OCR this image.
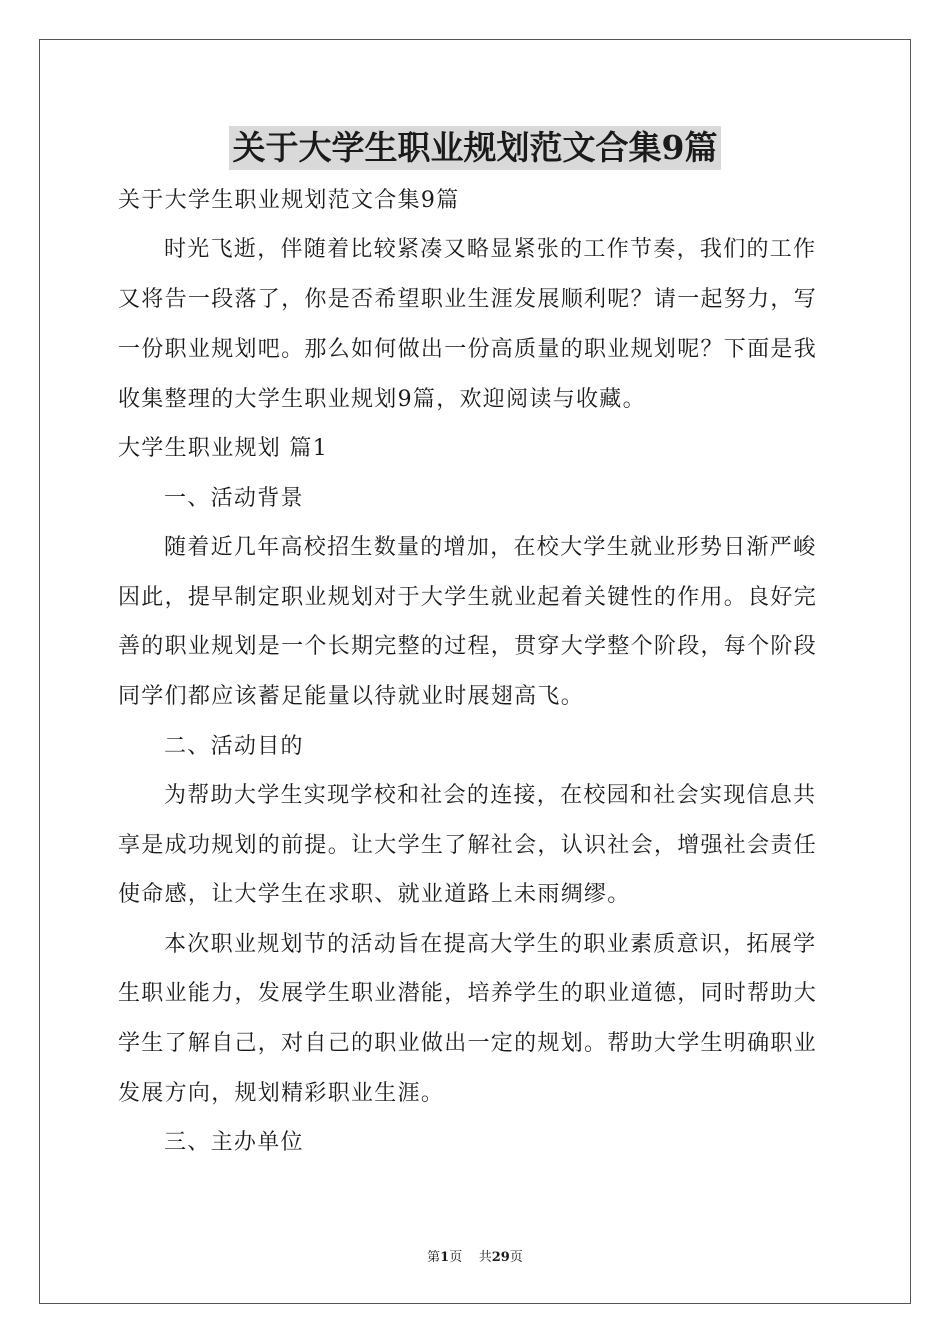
关于大学生职业规划范文合集9篇
关于大学生职业规划范文合集9篇
时光飞逝，伴随着比较紧凑又略显紧张的工作节奏，我们的工作
又将告一段落了，你是否希望职业生涯发展顺利呢？请一起努力，写
一份职业规划吧。那么如何做出一份高质量的职业规划呢？下面是我
收集整理的大学生职业规划9篇，欢迎阅读与收藏。
大学生职业规划 篇1
一、活动背景
随着近几年高校招生数量的增加，在校大学生就业形势日渐严峻
因此，提早制定职业规划对于大学生就业起着关键性的作用。良好完
善的职业规划是一个长期完整的过程，贯穿大学整个阶段，每个阶段
同学们都应该蓄足能量以待就业时展翅高飞。
二、活动目的
为帮助大学生实现学校和社会的连接，在校园和社会实现信息共
享是成功规划的前提。让大学生了解社会，认识社会，增强社会责任
使命感，让大学生在求职、就业道路上未雨绸缪。
本次职业规划节的活动旨在提高大学生的职业素质意识，拓展学
生职业能力，发展学生职业潜能，培养学生的职业道德，同时帮助大
学生了解自己，对自己的职业做出一定的规划。帮助大学生明确职业
发展方向，规划精彩职业生涯。
三、主办单位
第1页 共29页
